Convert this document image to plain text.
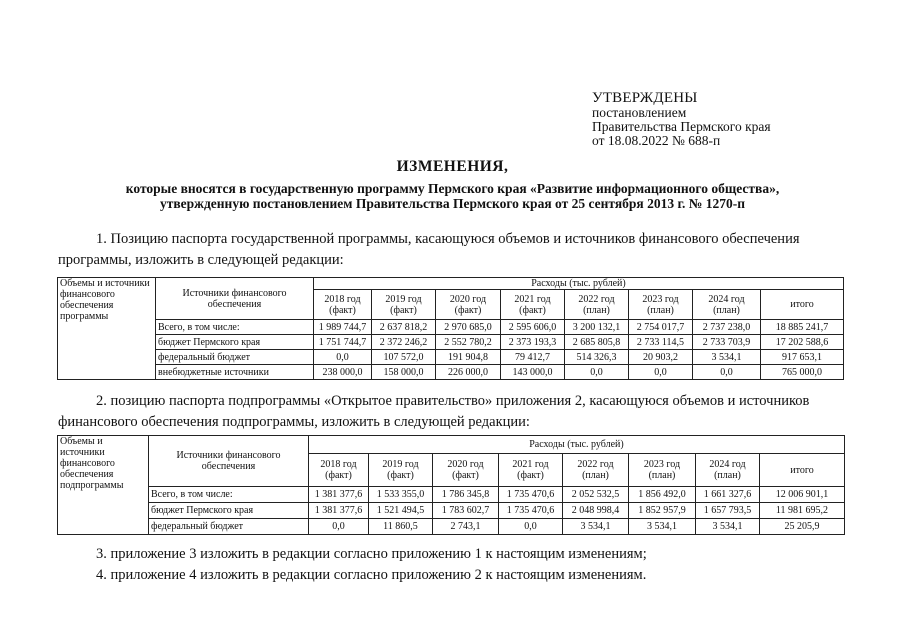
УТВЕРЖДЕНЫ
постановлением
Правительства Пермского края
от 18.08.2022 № 688-п
ИЗМЕНЕНИЯ,
которые вносятся в государственную программу Пермского края «Развитие информационного общества»,
утвержденную постановлением Правительства Пермского края от 25 сентября 2013 г. № 1270-п
1. Позицию паспорта государственной программы, касающуюся объемов и источников финансового обеспечения
программы, изложить в следующей редакции:
Объемы и источники финансового обеспечения программы	Источники финансового обеспечения	Расходы (тыс. рублей)							
		2018 год (факт)	2019 год (факт)	2020 год (факт)	2021 год (факт)	2022 год (план)	2023 год (план)	2024 год (план)	итого
	Всего, в том числе:	1 989 744,7	2 637 818,2	2 970 685,0	2 595 606,0	3 200 132,1	2 754 017,7	2 737 238,0	18 885 241,7
	бюджет Пермского края	1 751 744,7	2 372 246,2	2 552 780,2	2 373 193,3	2 685 805,8	2 733 114,5	2 733 703,9	17 202 588,6
	федеральный бюджет	0,0	107 572,0	191 904,8	79 412,7	514 326,3	20 903,2	3 534,1	917 653,1
	внебюджетные источники	238 000,0	158 000,0	226 000,0	143 000,0	0,0	0,0	0,0	765 000,0
2. позицию паспорта подпрограммы «Открытое правительство» приложения 2, касающуюся объемов и источников
финансового обеспечения подпрограммы, изложить в следующей редакции:
Объемы и источники финансового обеспечения подпрограммы	Источники финансового обеспечения	Расходы (тыс. рублей)							
		2018 год (факт)	2019 год (факт)	2020 год (факт)	2021 год (факт)	2022 год (план)	2023 год (план)	2024 год (план)	итого
	Всего, в том числе:	1 381 377,6	1 533 355,0	1 786 345,8	1 735 470,6	2 052 532,5	1 856 492,0	1 661 327,6	12 006 901,1
	бюджет Пермского края	1 381 377,6	1 521 494,5	1 783 602,7	1 735 470,6	2 048 998,4	1 852 957,9	1 657 793,5	11 981 695,2
	федеральный бюджет	0,0	11 860,5	2 743,1	0,0	3 534,1	3 534,1	3 534,1	25 205,9
3. приложение 3 изложить в редакции согласно приложению 1 к настоящим изменениям;
4. приложение 4 изложить в редакции согласно приложению 2 к настоящим изменениям.
